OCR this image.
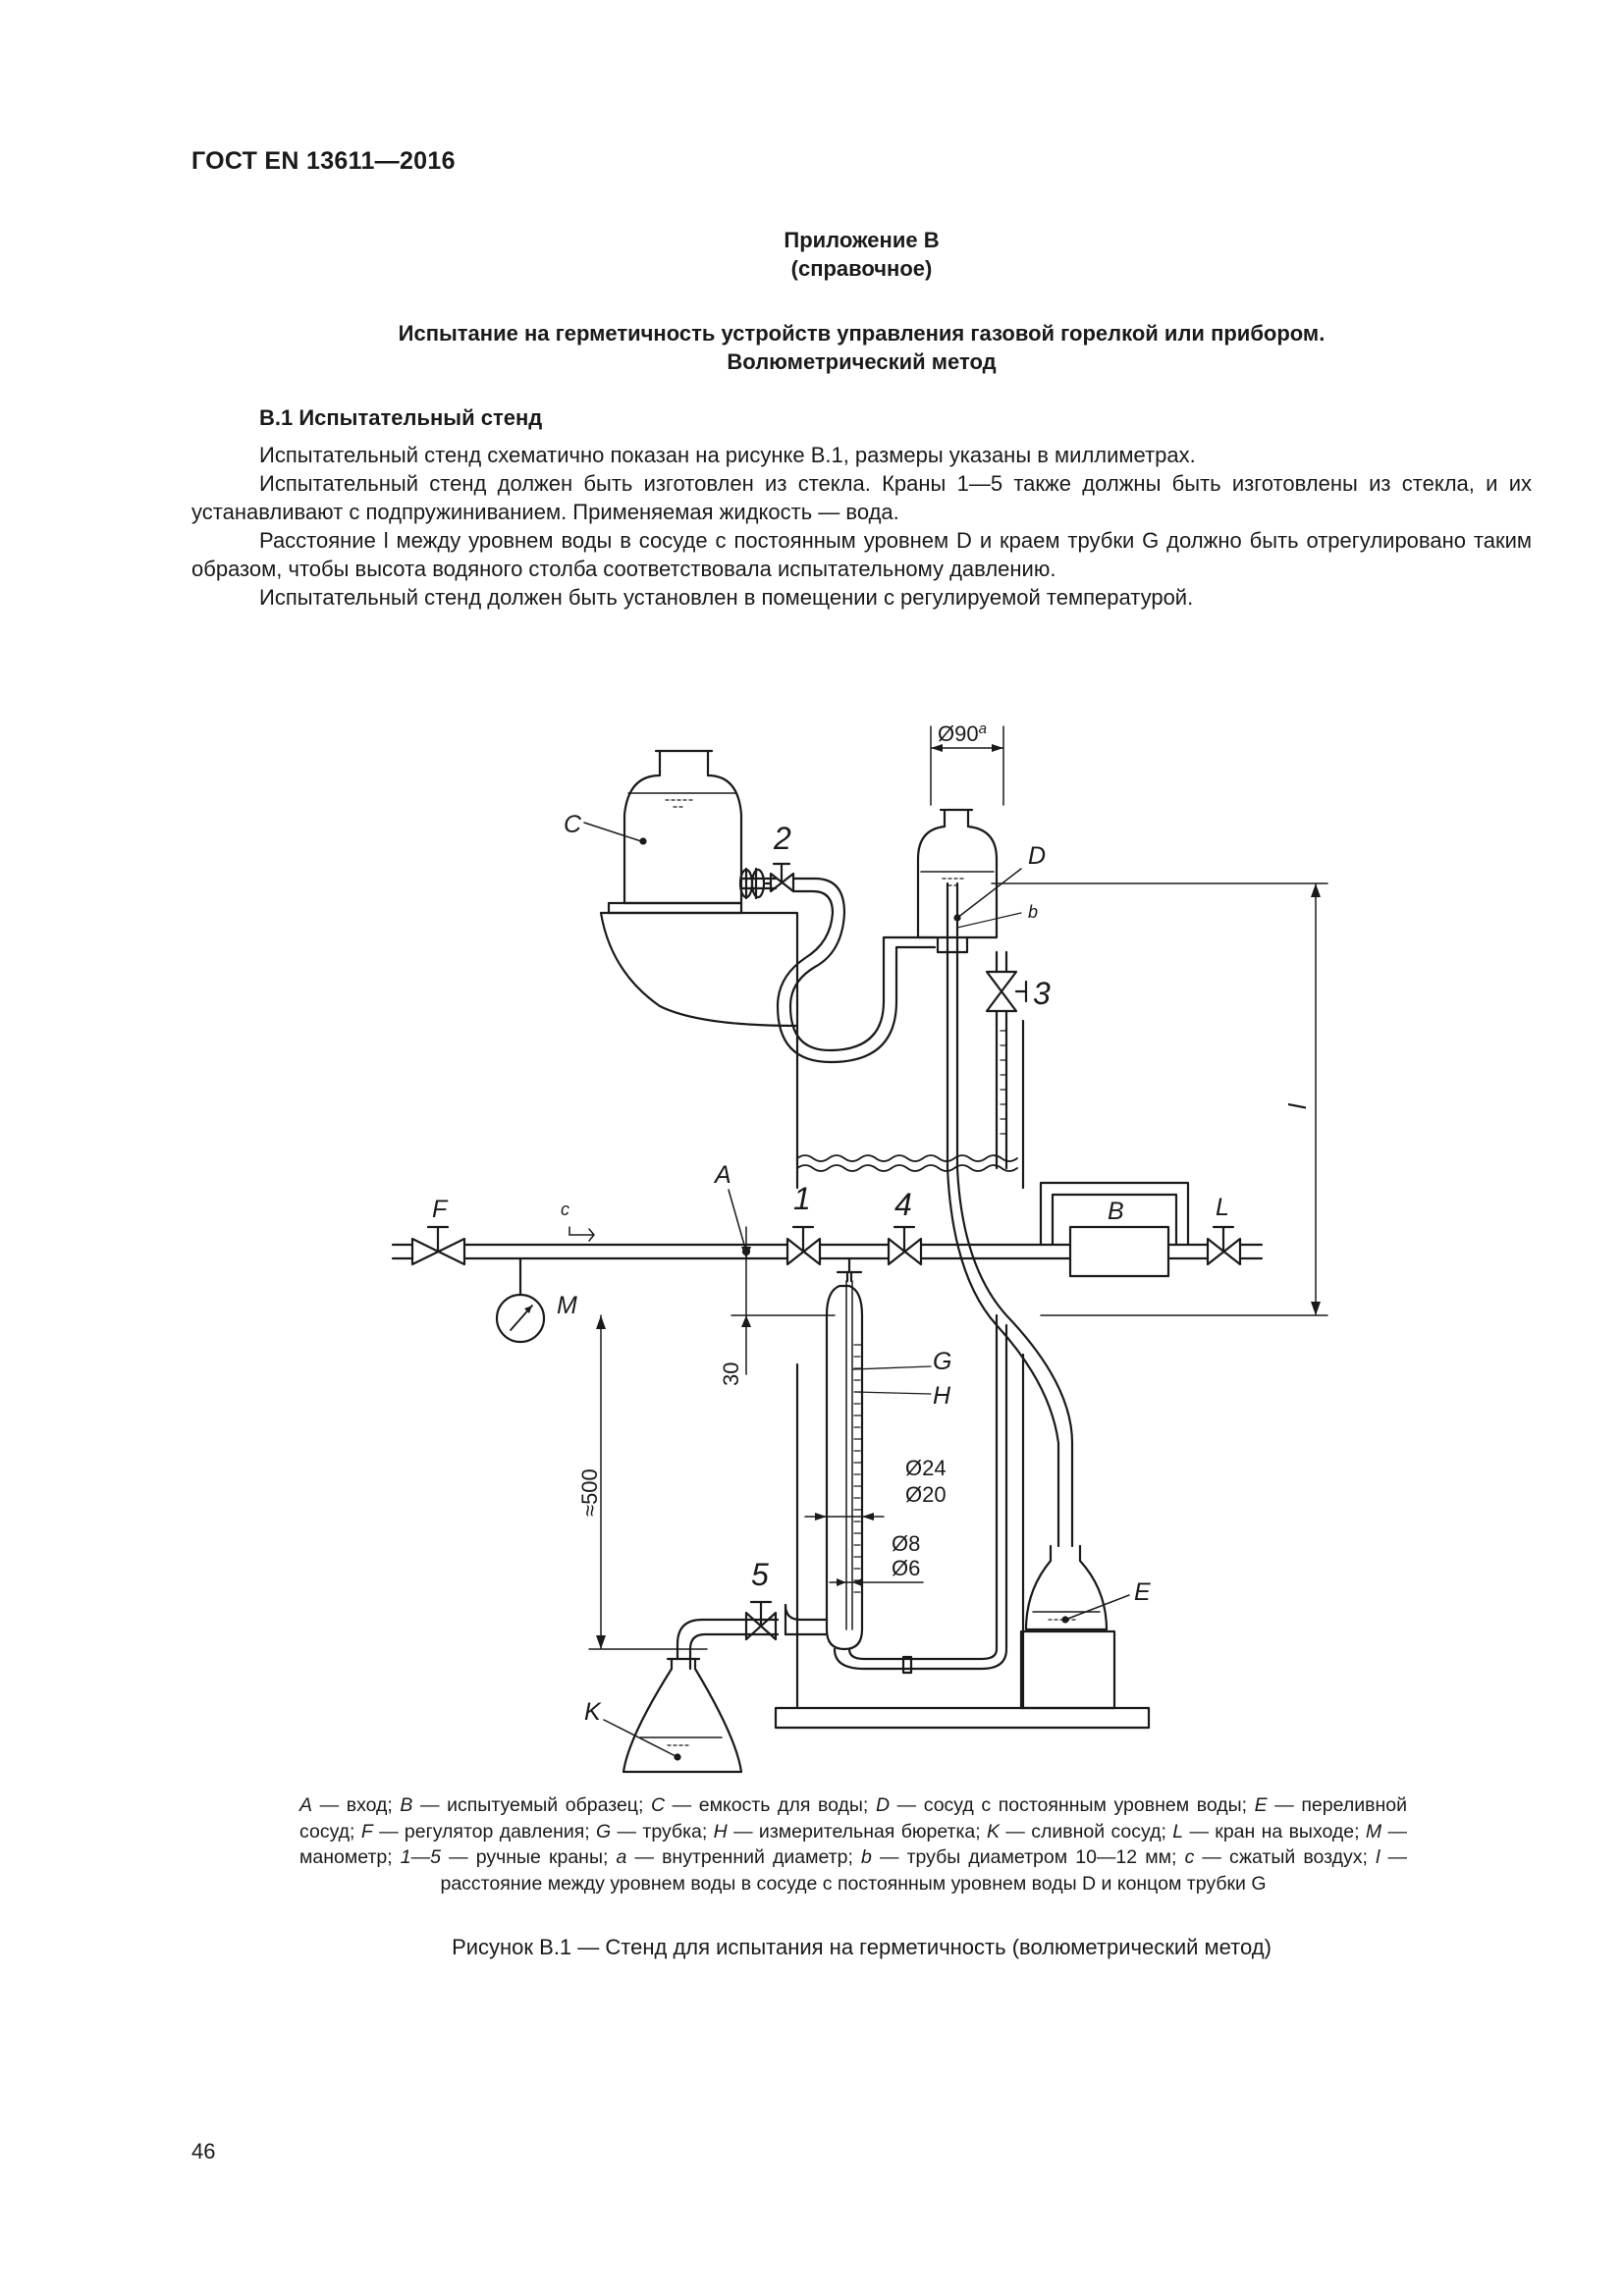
ГОСТ EN 13611—2016
Приложение В
(справочное)
Испытание на герметичность устройств управления газовой горелкой или прибором.
Волюметрический метод
В.1 Испытательный стенд

Испытательный стенд схематично показан на рисунке В.1, размеры указаны в миллиметрах.

Испытательный стенд должен быть изготовлен из стекла. Краны 1—5 также должны быть изготовлены из стекла, и их устанавливают с подпружиниванием. Применяемая жидкость — вода.

Расстояние l между уровнем воды в сосуде с постоянным уровнем D и краем трубки G должно быть отрегулировано таким образом, чтобы высота водяного столба соответствовала испытательному давлению.

Испытательный стенд должен быть установлен в помещении с регулируемой температурой.

C
D
b
2
3
A
c
F
M
1	4	B	L
G
H
E
K
5
l
Ø90$^a$
Ø24
Ø20
Ø8
Ø6
30
≈500
A — вход; B — испытуемый образец; C — емкость для воды; D — сосуд с постоянным уровнем воды; E — переливной сосуд; F — регулятор давления; G — трубка; H — измерительная бюретка; K — сливной сосуд; L — кран на выходе; M — манометр; 1—5 — ручные краны; a — внутренний диаметр; b — трубы диаметром 10—12 мм; c — сжатый воздух; l — расстояние между уровнем воды в сосуде с постоянным уровнем воды D и концом трубки G
Рисунок В.1 — Стенд для испытания на герметичность (волюметрический метод)
46
